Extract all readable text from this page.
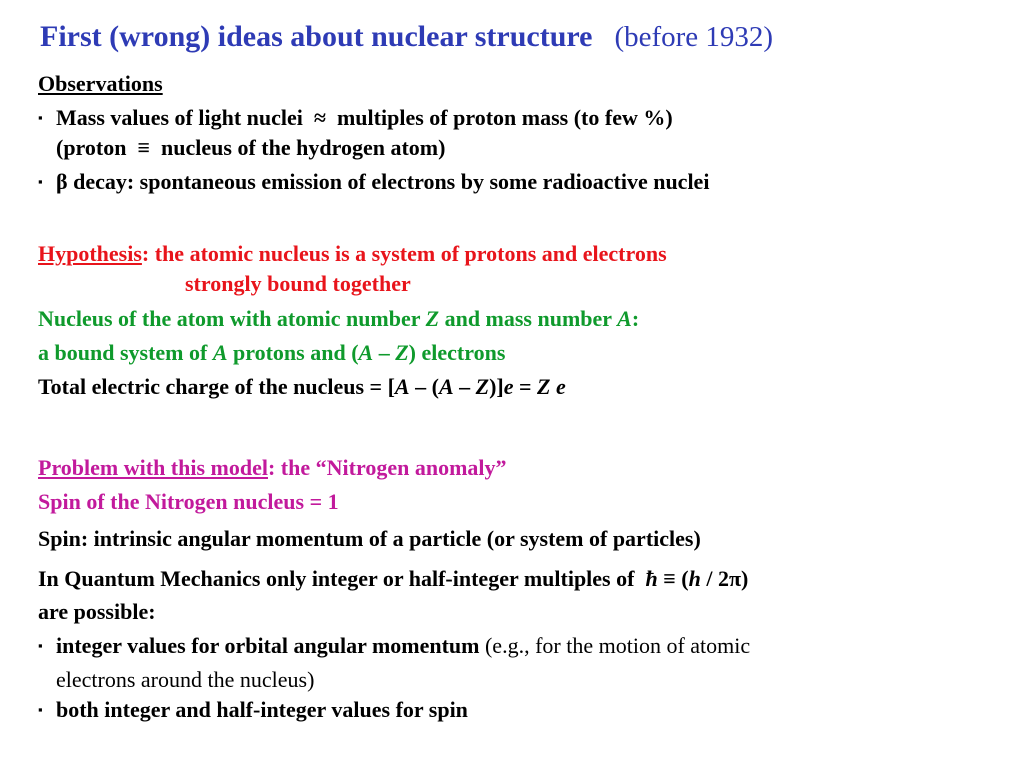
First (wrong) ideas about nuclear structure (before 1932)
Observations
▪ Mass values of light nuclei ≈ multiples of proton mass (to few %)
(proton ≡ nucleus of the hydrogen atom)
▪ β decay: spontaneous emission of electrons by some radioactive nuclei
Hypothesis: the atomic nucleus is a system of protons and electrons
strongly bound together
Nucleus of the atom with atomic number Z and mass number A:
a bound system of A protons and (A – Z) electrons
Total electric charge of the nucleus = [A – (A – Z)]e = Z e
Problem with this model: the “Nitrogen anomaly”
Spin of the Nitrogen nucleus = 1
Spin: intrinsic angular momentum of a particle (or system of particles)
In Quantum Mechanics only integer or half-integer multiples of ħ ≡ (h / 2π)
are possible:
▪ integer values for orbital angular momentum (e.g., for the motion of atomic
electrons around the nucleus)
▪ both integer and half-integer values for spin
